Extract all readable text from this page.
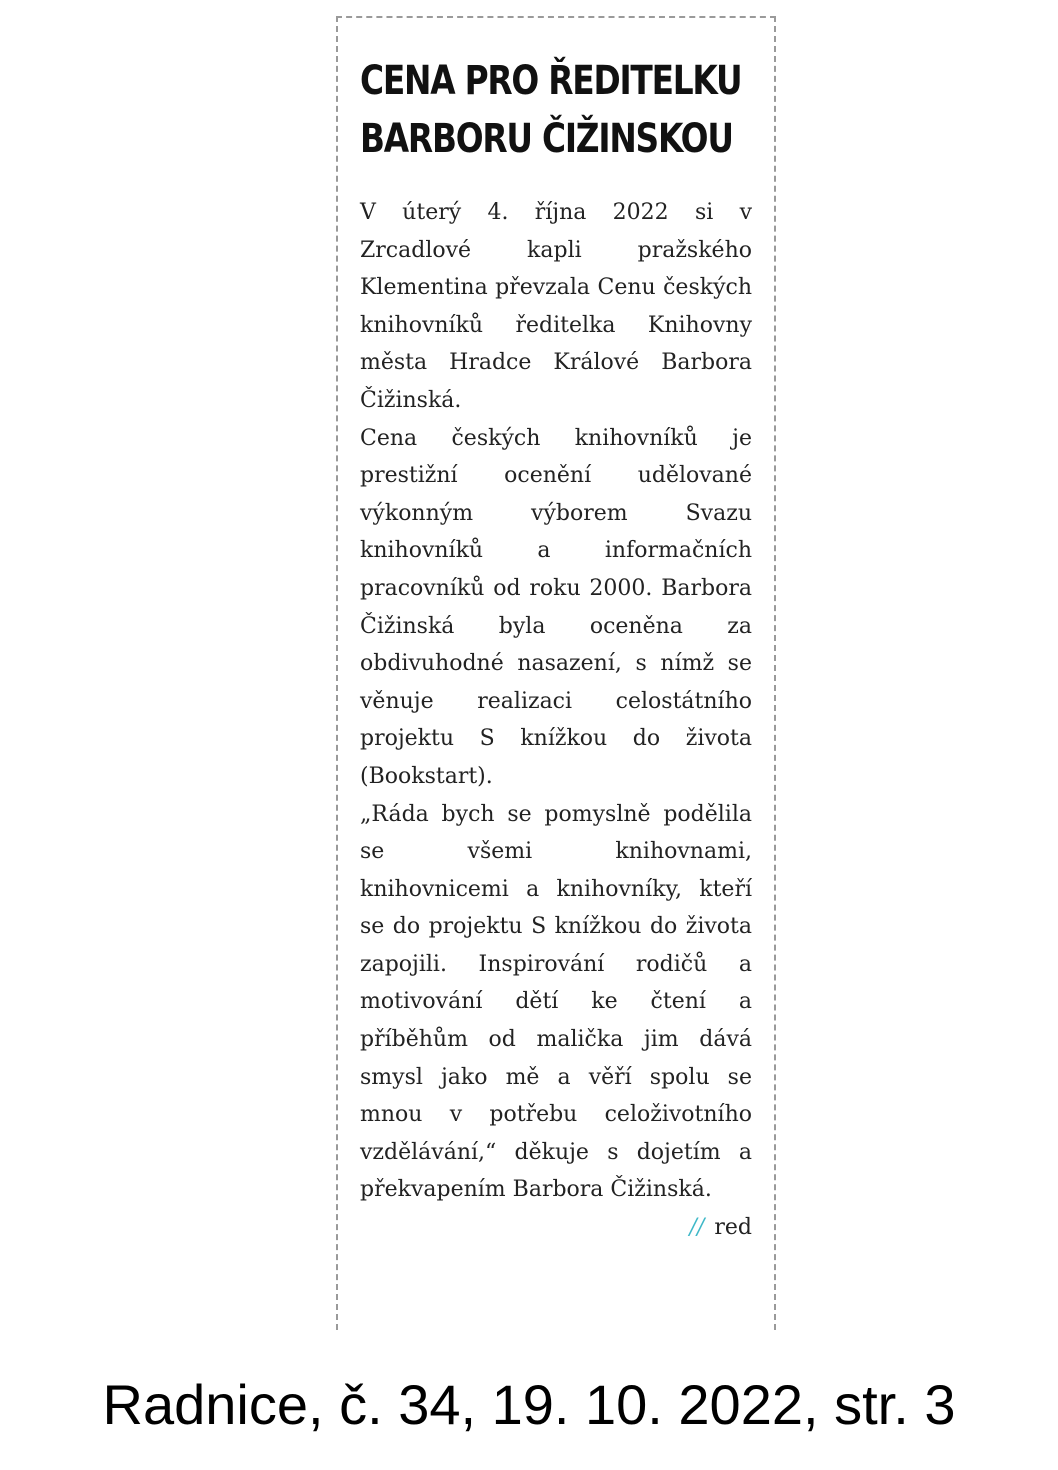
CENA PRO ŘEDITELKU
BARBORU ČIŽINSKOU

V úterý 4. října 2022 si v Zrcadlové kapli pražského Klementina převzala Cenu českých knihovníků ředitelka Knihovny města Hradce Králové Barbora Čižinská.

Cena českých knihovníků je prestižní ocenění udělované výkonným výborem Svazu knihovníků a informačních pracovníků od roku 2000. Barbora Čižinská byla oceněna za obdivuhodné nasazení, s nímž se věnuje realizaci celostátního projektu S knížkou do života (Bookstart).

„Ráda bych se pomyslně podělila se všemi knihovnami, knihovnicemi a knihovníky, kteří se do projektu S knížkou do života zapojili. Inspirování rodičů a motivování dětí ke čtení a příběhům od malička jim dává smysl jako mě a věří spolu se mnou v potřebu celoživotního vzdělávání,“ děkuje s dojetím a překvapením Barbora Čižinská.
// red

Radnice, č. 34, 19. 10. 2022, str. 3
